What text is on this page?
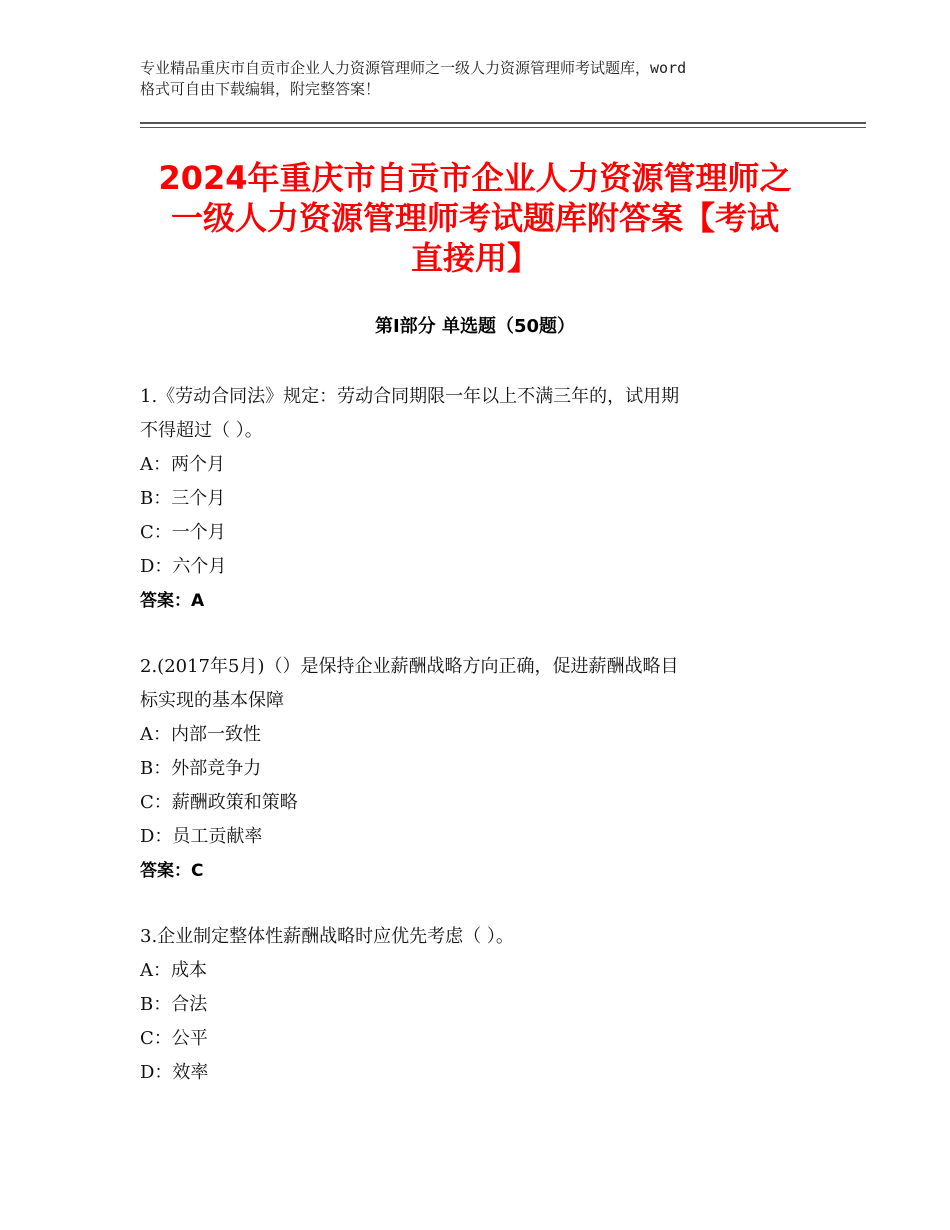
专业精品重庆市自贡市企业人力资源管理师之一级人力资源管理师考试题库，word
格式可自由下载编辑，附完整答案！
2024年重庆市自贡市企业人力资源管理师之
一级人力资源管理师考试题库附答案【考试
直接用】
第Ⅰ部分 单选题（50题）
1.《劳动合同法》规定：劳动合同期限一年以上不满三年的，试用期
不得超过（ ）。
A：两个月
B：三个月
C：一个月
D：六个月
答案：A
2.(2017年5月)（）是保持企业薪酬战略方向正确，促进薪酬战略目
标实现的基本保障
A：内部一致性
B：外部竞争力
C：薪酬政策和策略
D：员工贡献率
答案：C
3.企业制定整体性薪酬战略时应优先考虑（ ）。
A：成本
B：合法
C：公平
D：效率
